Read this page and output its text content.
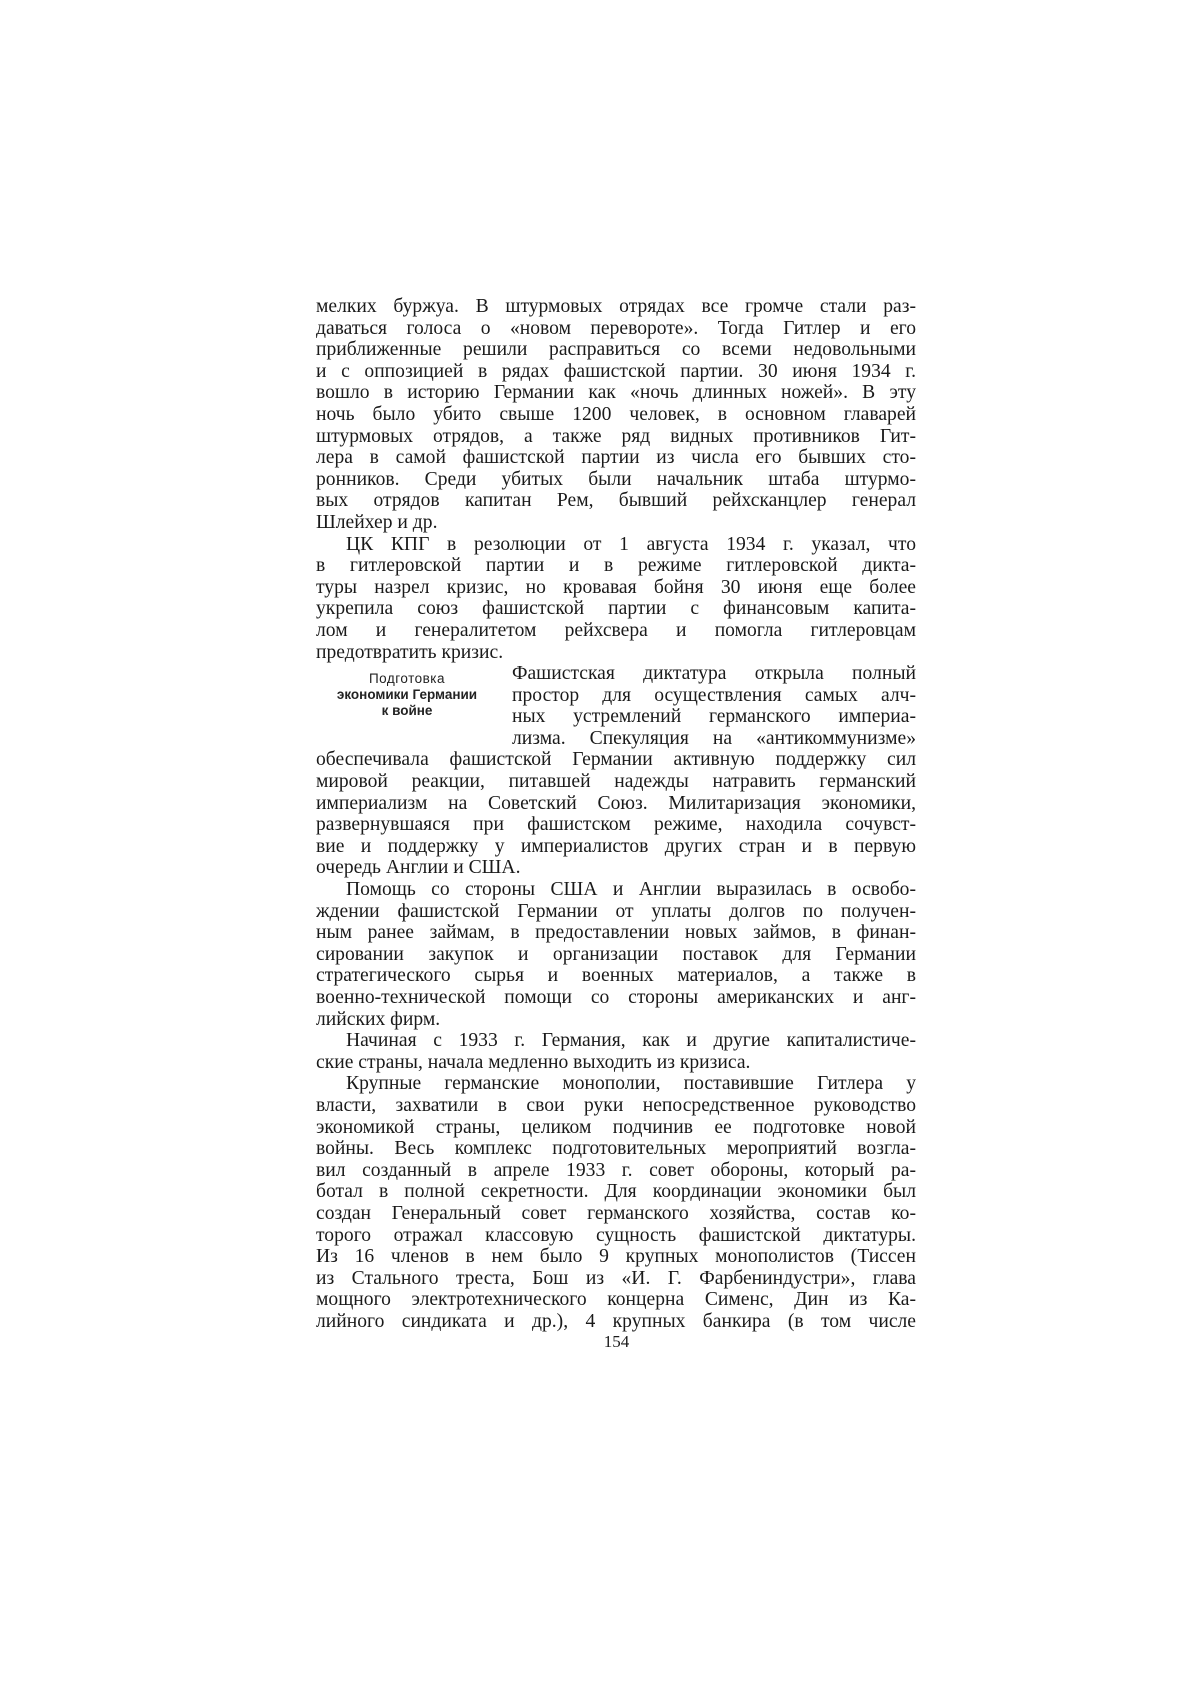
мелких буржуа. В штурмовых отрядах все громче стали раз-
даваться голоса о «новом перевороте». Тогда Гитлер и его
приближенные решили расправиться со всеми недовольными
и с оппозицией в рядах фашистской партии. 30 июня 1934 г.
вошло в историю Германии как «ночь длинных ножей». В эту
ночь было убито свыше 1200 человек, в основном главарей
штурмовых отрядов, а также ряд видных противников Гит-
лера в самой фашистской партии из числа его бывших сто-
ронников. Среди убитых были начальник штаба штурмо-
вых отрядов капитан Рем, бывший рейхсканцлер генерал
Шлейхер и др.
ЦК КПГ в резолюции от 1 августа 1934 г. указал, что
в гитлеровской партии и в режиме гитлеровской дикта-
туры назрел кризис, но кровавая бойня 30 июня еще более
укрепила союз фашистской партии с финансовым капита-
лом и генералитетом рейхсвера и помогла гитлеровцам
предотвратить кризис.
Подготовка
экономики Германии
к войне
Фашистская диктатура открыла полный
простор для осуществления самых алч-
ных устремлений германского империа-
лизма. Спекуляция на «антикоммунизме»
обеспечивала фашистской Германии активную поддержку сил
мировой реакции, питавшей надежды натравить германский
империализм на Советский Союз. Милитаризация экономики,
развернувшаяся при фашистском режиме, находила сочувст-
вие и поддержку у империалистов других стран и в первую
очередь Англии и США.
Помощь со стороны США и Англии выразилась в освобо-
ждении фашистской Германии от уплаты долгов по получен-
ным ранее займам, в предоставлении новых займов, в финан-
сировании закупок и организации поставок для Германии
стратегического сырья и военных материалов, а также в
военно-технической помощи со стороны американских и анг-
лийских фирм.
Начиная с 1933 г. Германия, как и другие капиталистиче-
ские страны, начала медленно выходить из кризиса.
Крупные германские монополии, поставившие Гитлера у
власти, захватили в свои руки непосредственное руководство
экономикой страны, целиком подчинив ее подготовке новой
войны. Весь комплекс подготовительных мероприятий возгла-
вил созданный в апреле 1933 г. совет обороны, который ра-
ботал в полной секретности. Для координации экономики был
создан Генеральный совет германского хозяйства, состав ко-
торого отражал классовую сущность фашистской диктатуры.
Из 16 членов в нем было 9 крупных монополистов (Тиссен
из Стального треста, Бош из «И. Г. Фарбениндустри», глава
мощного электротехнического концерна Сименс, Дин из Ка-
лийного синдиката и др.), 4 крупных банкира (в том числе
154
